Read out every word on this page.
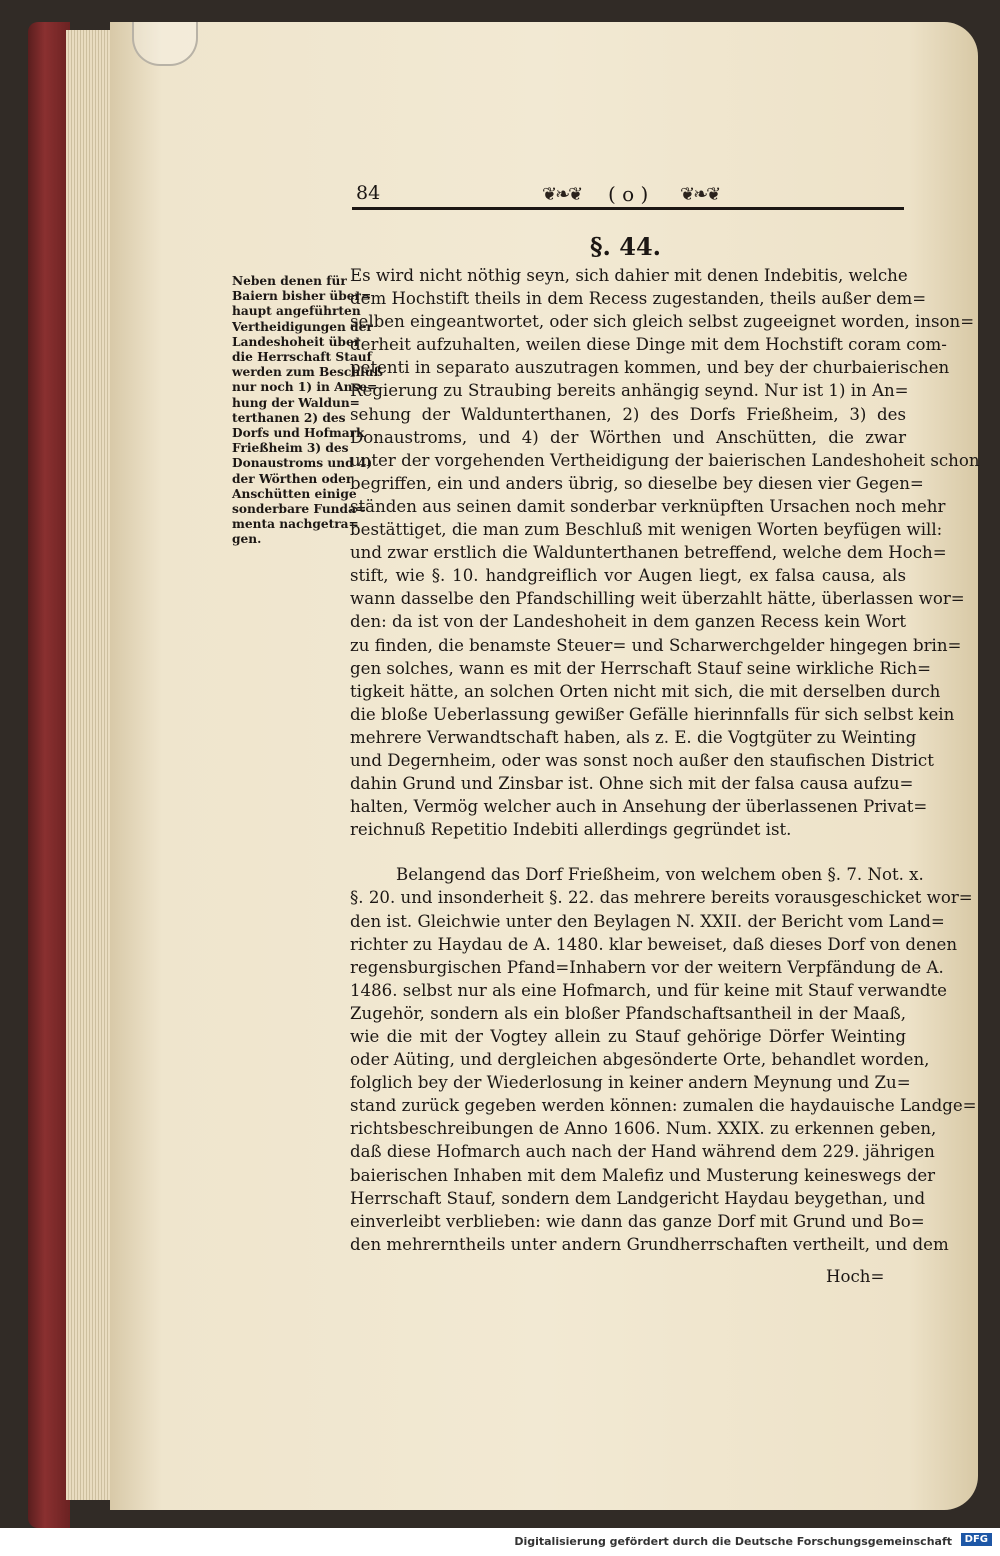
84	❦❧❦ ( o ) ❦❧❦
§. 44.
Neben denen für
Baiern bisher über=
haupt angeführten
Vertheidigungen der
Landeshoheit über
die Herrschaft Stauf
werden zum Beschluß
nur noch 1) in Anse=
hung der Waldun=
terthanen 2) des
Dorfs und Hofmark
Frießheim 3) des
Donaustroms und 4)
der Wörthen oder
Anschütten einige
sonderbare Funda=
menta nachgetra=
gen.
Es wird nicht nöthig seyn, sich dahier mit denen Indebitis, welche
dem Hochstift theils in dem Recess zugestanden, theils außer dem=
selben eingeantwortet, oder sich gleich selbst zugeeignet worden, inson=
derheit aufzuhalten, weilen diese Dinge mit dem Hochstift coram com-
petenti in separato auszutragen kommen, und bey der churbaierischen
Regierung zu Straubing bereits anhängig seynd. Nur ist 1) in An=
sehung der Waldunterthanen, 2) des Dorfs Frießheim, 3) des
Donaustroms, und 4) der Wörthen und Anschütten, die zwar
unter der vorgehenden Vertheidigung der baierischen Landeshoheit schon
begriffen, ein und anders übrig, so dieselbe bey diesen vier Gegen=
ständen aus seinen damit sonderbar verknüpften Ursachen noch mehr
bestättiget, die man zum Beschluß mit wenigen Worten beyfügen will:
und zwar erstlich die Waldunterthanen betreffend, welche dem Hoch=
stift, wie §. 10. handgreiflich vor Augen liegt, ex falsa causa, als
wann dasselbe den Pfandschilling weit überzahlt hätte, überlassen wor=
den: da ist von der Landeshoheit in dem ganzen Recess kein Wort
zu finden, die benamste Steuer= und Scharwerchgelder hingegen brin=
gen solches, wann es mit der Herrschaft Stauf seine wirkliche Rich=
tigkeit hätte, an solchen Orten nicht mit sich, die mit derselben durch
die bloße Ueberlassung gewißer Gefälle hierinnfalls für sich selbst kein
mehrere Verwandtschaft haben, als z. E. die Vogtgüter zu Weinting
und Degernheim, oder was sonst noch außer den staufischen District
dahin Grund und Zinsbar ist. Ohne sich mit der falsa causa aufzu=
halten, Vermög welcher auch in Ansehung der überlassenen Privat=
reichnuß Repetitio Indebiti allerdings gegründet ist.
Belangend das Dorf Frießheim, von welchem oben §. 7. Not. x.
§. 20. und insonderheit §. 22. das mehrere bereits vorausgeschicket wor=
den ist. Gleichwie unter den Beylagen N. XXII. der Bericht vom Land=
richter zu Haydau de A. 1480. klar beweiset, daß dieses Dorf von denen
regensburgischen Pfand=Inhabern vor der weitern Verpfändung de A.
1486. selbst nur als eine Hofmarch, und für keine mit Stauf verwandte
Zugehör, sondern als ein bloßer Pfandschaftsantheil in der Maaß,
wie die mit der Vogtey allein zu Stauf gehörige Dörfer Weinting
oder Aüting, und dergleichen abgesönderte Orte, behandlet worden,
folglich bey der Wiederlosung in keiner andern Meynung und Zu=
stand zurück gegeben werden können: zumalen die haydauische Landge=
richtsbeschreibungen de Anno 1606. Num. XXIX. zu erkennen geben,
daß diese Hofmarch auch nach der Hand während dem 229. jährigen
baierischen Inhaben mit dem Malefiz und Musterung keineswegs der
Herrschaft Stauf, sondern dem Landgericht Haydau beygethan, und
einverleibt verblieben: wie dann das ganze Dorf mit Grund und Bo=
den mehrerntheils unter andern Grundherrschaften vertheilt, und dem
Hoch=
Digitalisierung gefördert durch die Deutsche Forschungsgemeinschaft	DFG
